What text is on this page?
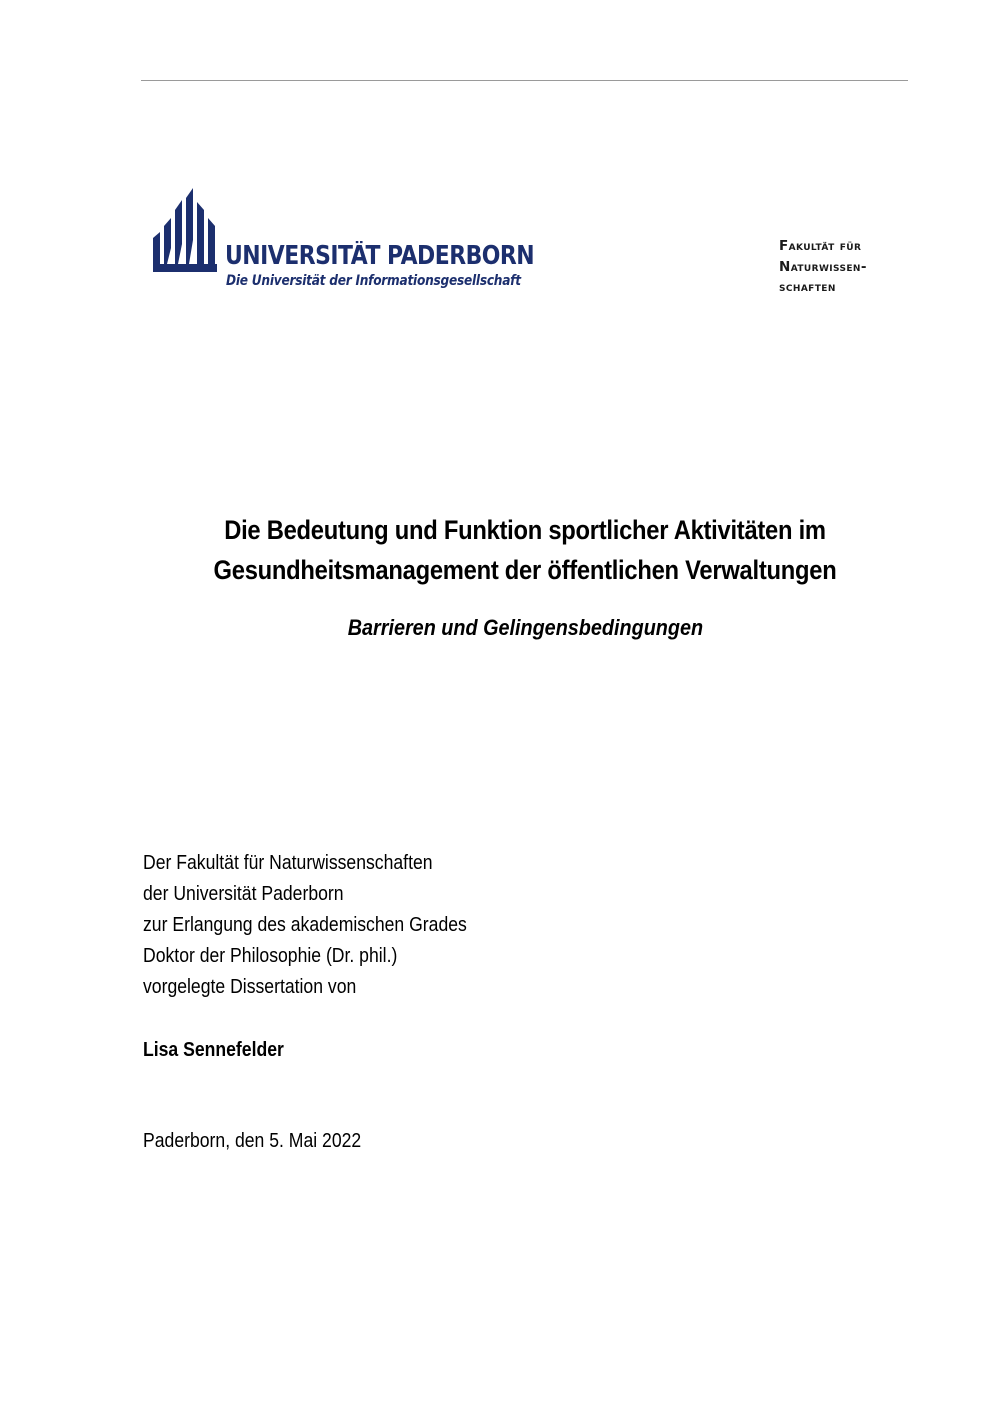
UNIVERSITÄT PADERBORN
Die Universität der Informationsgesellschaft
Fakultät für
Naturwissen-
schaften
Die Bedeutung und Funktion sportlicher Aktivitäten im
Gesundheitsmanagement der öffentlichen Verwaltungen
Barrieren und Gelingensbedingungen
Der Fakultät für Naturwissenschaften
der Universität Paderborn
zur Erlangung des akademischen Grades
Doktor der Philosophie (Dr. phil.)
vorgelegte Dissertation von
Lisa Sennefelder
Paderborn, den 5. Mai 2022
